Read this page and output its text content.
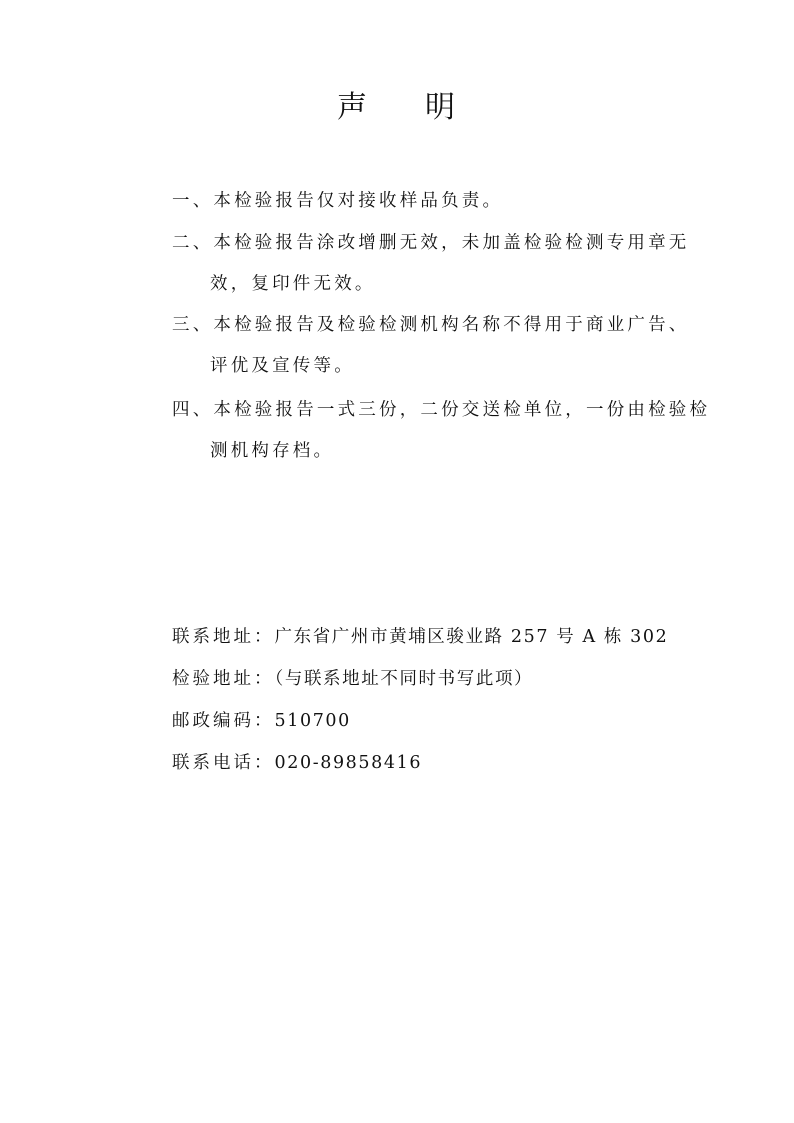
声 明
一、本检验报告仅对接收样品负责。
二、本检验报告涂改增删无效，未加盖检验检测专用章无
效，复印件无效。
三、本检验报告及检验检测机构名称不得用于商业广告、
评优及宣传等。
四、本检验报告一式三份，二份交送检单位，一份由检验检
测机构存档。
联系地址：广东省广州市黄埔区骏业路 257 号 A 栋 302
检验地址：（与联系地址不同时书写此项）
邮政编码：510700
联系电话：020-89858416
